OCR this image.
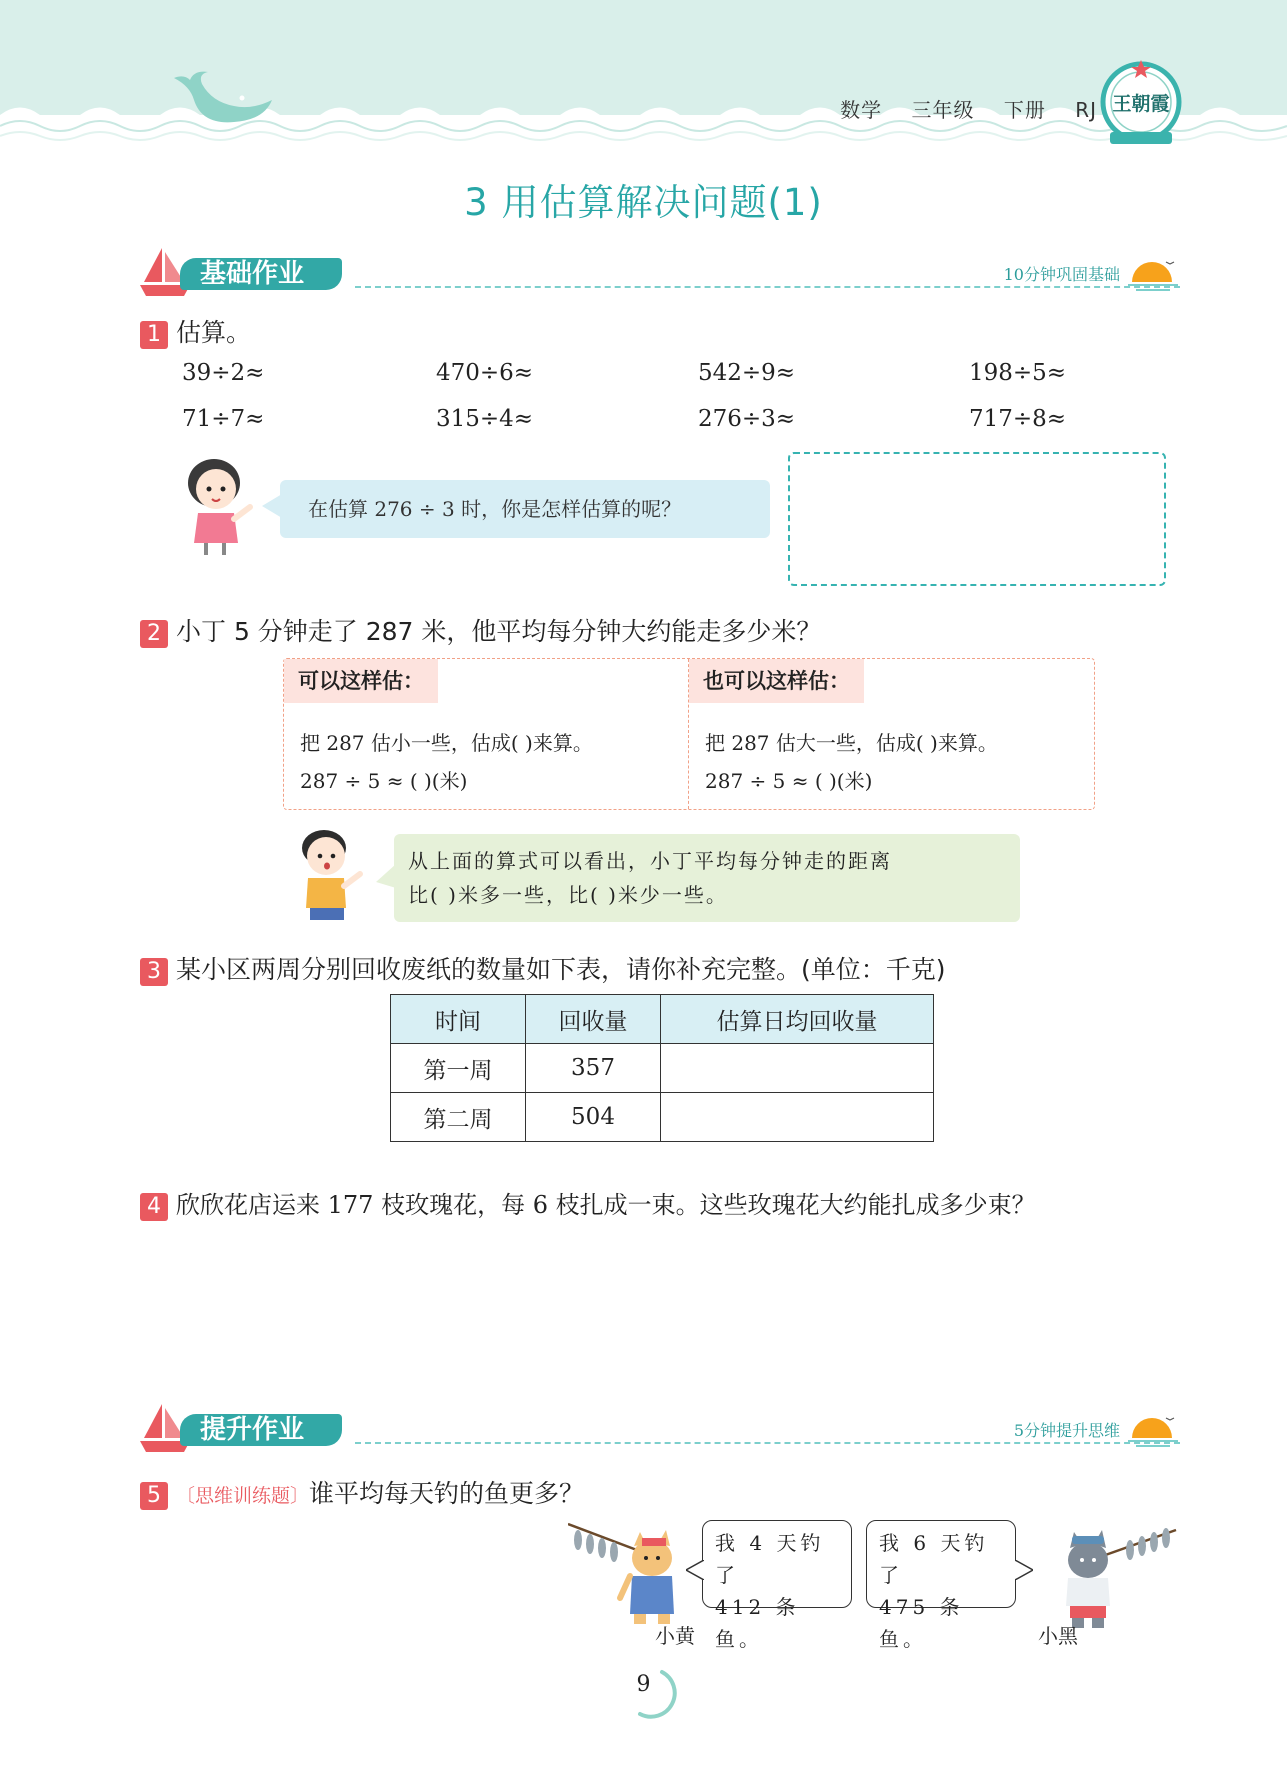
数学 三年级 下册 RJ 王朝霞
3 用估算解决问题(1)
基础作业	10分钟巩固基础
1 估算。
39÷2≈	470÷6≈	542÷9≈	198÷5≈
71÷7≈	315÷4≈	276÷3≈	717÷8≈
在估算 276 ÷ 3 时，你是怎样估算的呢？
2 小丁 5 分钟走了 287 米，他平均每分钟大约能走多少米？
可以这样估：
把 287 估小一些，估成( )来算。
287 ÷ 5 ≈ ( )(米)
也可以这样估：
把 287 估大一些，估成( )来算。
287 ÷ 5 ≈ ( )(米)
从上面的算式可以看出，小丁平均每分钟走的距离
比( )米多一些，比( )米少一些。
3 某小区两周分别回收废纸的数量如下表，请你补充完整。(单位：千克)
时间	回收量	估算日均回收量
第一周	357	
第二周	504	
4 欣欣花店运来 177 枝玫瑰花，每 6 枝扎成一束。这些玫瑰花大约能扎成多少束？
提升作业	5分钟提升思维
5 〔思维训练题〕谁平均每天钓的鱼更多？
我 4 天钓了
412 条鱼。
我 6 天钓了
475 条鱼。
小黄	小黑
9
